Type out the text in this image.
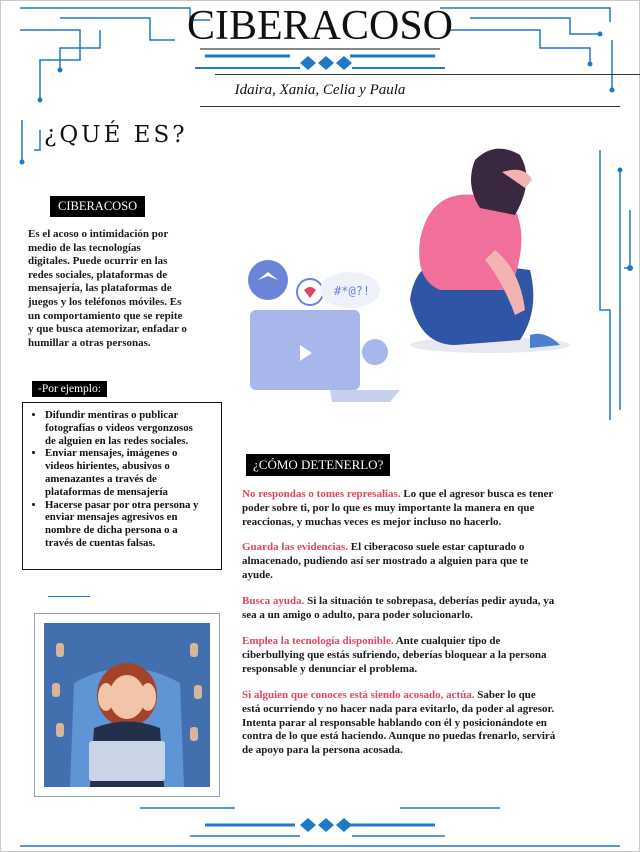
CIBERACOSO
Idaira, Xania, Celia y Paula
¿QUÉ ES?
CIBERACOSO
Es el acoso o intimidación por
medio de las tecnologías
digitales. Puede ocurrir en las
redes sociales, plataformas de
mensajería, las plataformas de
juegos y los teléfonos móviles. Es
un comportamiento que se repite
y que busca atemorizar, enfadar o
humillar a otras personas.
#*@?!
-Por ejemplo:
• Difundir mentiras o publicar
fotografías o videos vergonzosos
de alguien en las redes sociales.
• Enviar mensajes, imágenes o
videos hirientes, abusivos o
amenazantes a través de
plataformas de mensajería
• Hacerse pasar por otra persona y
enviar mensajes agresivos en
nombre de dicha persona o a
través de cuentas falsas.
¿CÓMO DETENERLO?
No respondas o tomes represalias. Lo que el agresor busca es tener
poder sobre ti, por lo que es muy importante la manera en que
reaccionas, y muchas veces es mejor incluso no hacerlo.
Guarda las evidencias. El ciberacoso suele estar capturado o
almacenado, pudiendo así ser mostrado a alguien para que te
ayude.
Busca ayuda. Si la situación te sobrepasa, deberías pedir ayuda, ya
sea a un amigo o adulto, para poder solucionarlo.
Emplea la tecnología disponible. Ante cualquier tipo de
ciberbullying que estás sufriendo, deberías bloquear a la persona
responsable y denunciar el problema.
Si alguien que conoces está siendo acosado, actúa. Saber lo que
está ocurriendo y no hacer nada para evitarlo, da poder al agresor.
Intenta parar al responsable hablando con él y posicionándote en
contra de lo que está haciendo. Aunque no puedas frenarlo, servirá
de apoyo para la persona acosada.
